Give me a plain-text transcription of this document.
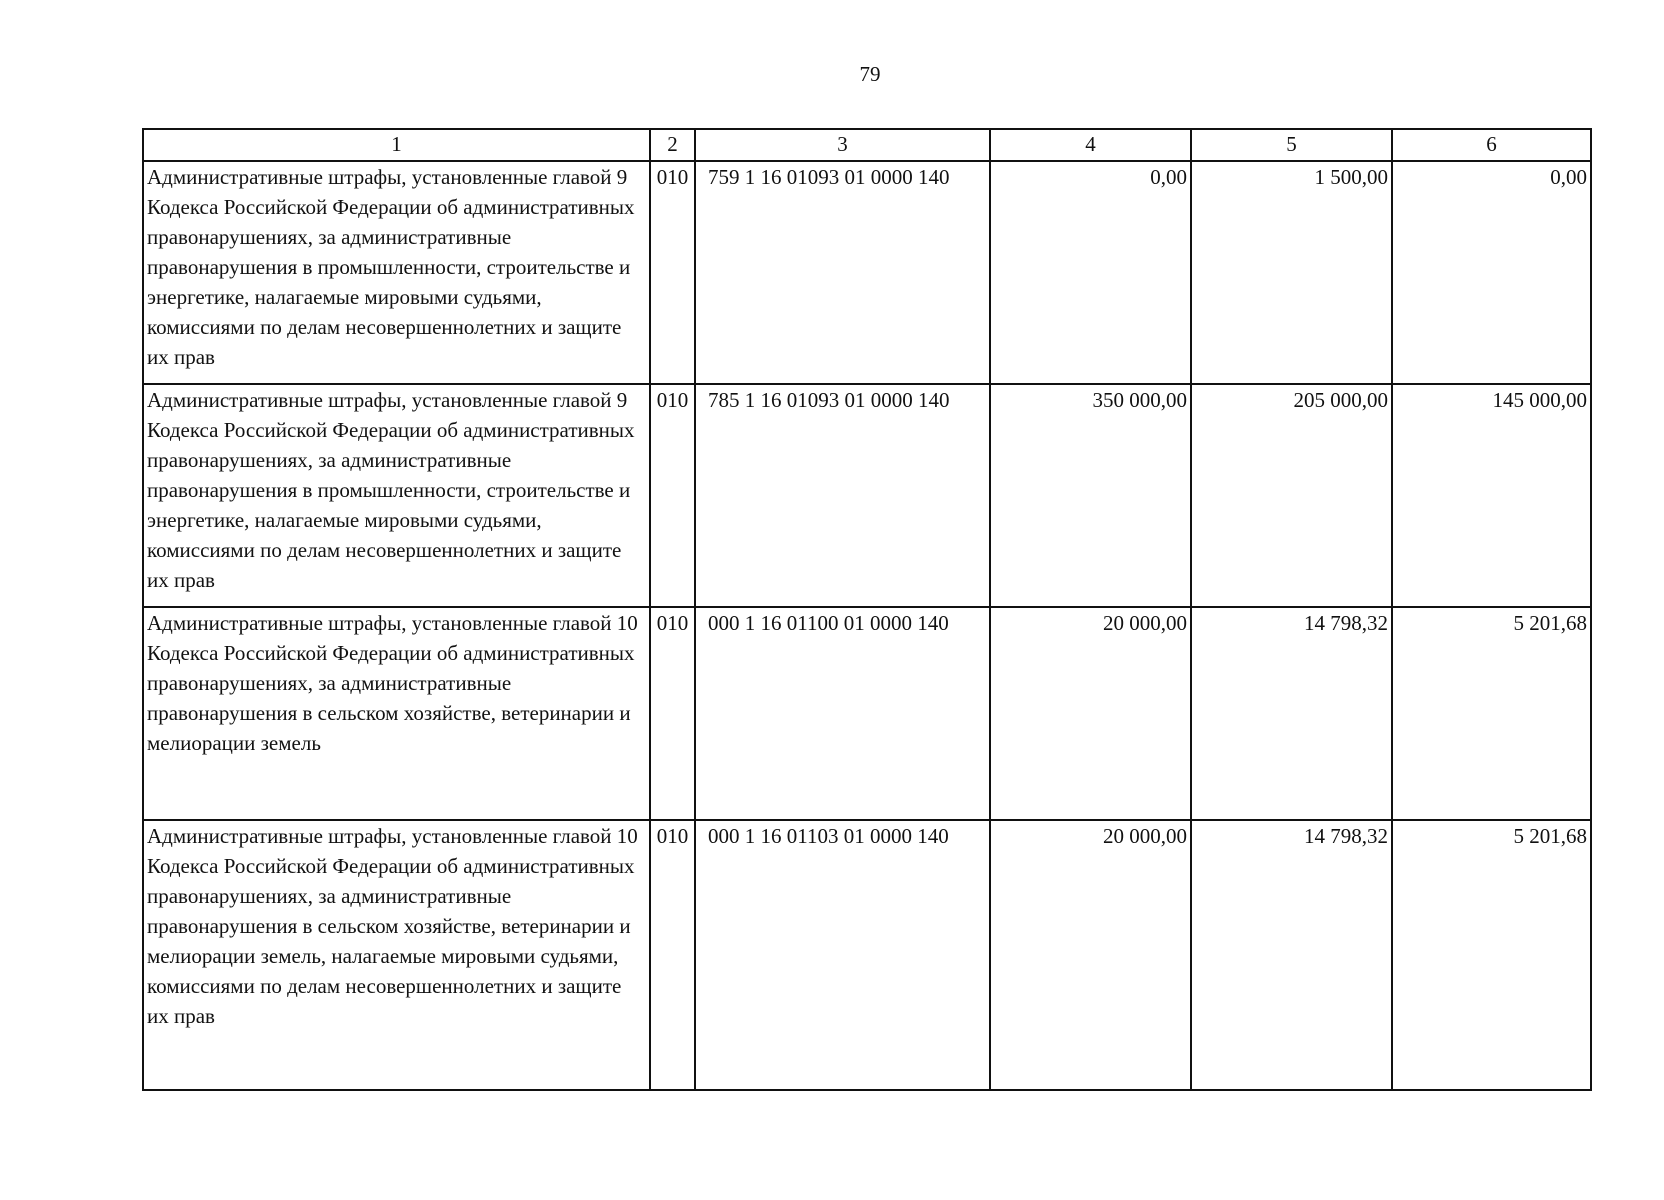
79
1	2	3	4	5	6
Административные штрафы, установленные главой 9 Кодекса Российской Федерации об административных правонарушениях, за административные правонарушения в промышленности, строительстве и энергетике, налагаемые мировыми судьями, комиссиями по делам несовершеннолетних и защите их прав	010	759 1 16 01093 01 0000 140	0,00	1 500,00	0,00
Административные штрафы, установленные главой 9 Кодекса Российской Федерации об административных правонарушениях, за административные правонарушения в промышленности, строительстве и энергетике, налагаемые мировыми судьями, комиссиями по делам несовершеннолетних и защите их прав	010	785 1 16 01093 01 0000 140	350 000,00	205 000,00	145 000,00
Административные штрафы, установленные главой 10 Кодекса Российской Федерации об административных правонарушениях, за административные правонарушения в сельском хозяйстве, ветеринарии и мелиорации земель	010	000 1 16 01100 01 0000 140	20 000,00	14 798,32	5 201,68
Административные штрафы, установленные главой 10 Кодекса Российской Федерации об административных правонарушениях, за административные правонарушения в сельском хозяйстве, ветеринарии и мелиорации земель, налагаемые мировыми судьями, комиссиями по делам несовершеннолетних и защите их прав	010	000 1 16 01103 01 0000 140	20 000,00	14 798,32	5 201,68
